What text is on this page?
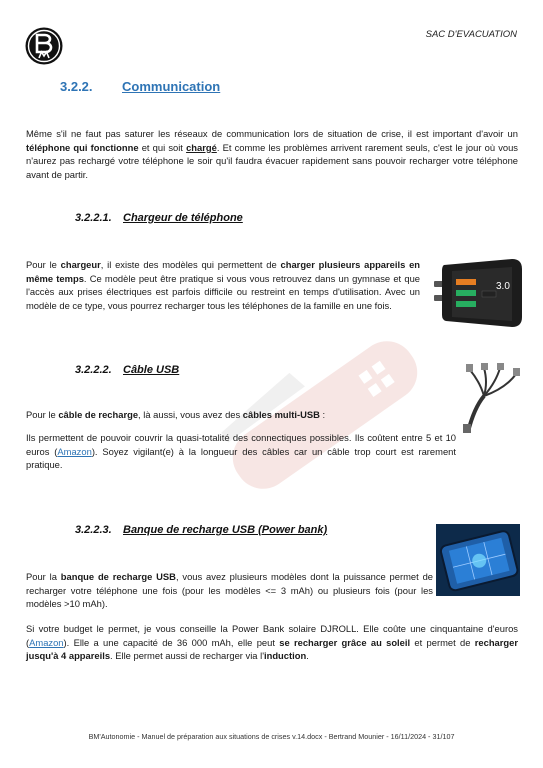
SAC D'EVACUATION
3.2.2. Communication

Même s'il ne faut pas saturer les réseaux de communication lors de situation de crise, il est important d'avoir un téléphone qui fonctionne et qui soit chargé. Et comme les problèmes arrivent rarement seuls, c'est le jour où vous n'aurez pas rechargé votre téléphone le soir qu'il faudra évacuer rapidement sans pouvoir recharger votre téléphone avant de partir.

3.2.2.1. Chargeur de téléphone

Pour le chargeur, il existe des modèles qui permettent de charger plusieurs appareils en même temps. Ce modèle peut être pratique si vous vous retrouvez dans un gymnase et que l'accès aux prises électriques est parfois difficile ou restreint en temps d'utilisation. Avec un modèle de ce type, vous pourrez recharger tous les téléphones de la famille en une fois.

3.0
3.2.2.2. Câble USB

Pour le câble de recharge, là aussi, vous avez des câbles multi-USB :

Ils permettent de pouvoir couvrir la quasi-totalité des connectiques possibles. Ils coûtent entre 5 et 10 euros (Amazon). Soyez vigilant(e) à la longueur des câbles car un câble trop court est rarement pratique.

3.2.2.3. Banque de recharge USB (Power bank)

Pour la banque de recharge USB, vous avez plusieurs modèles dont la puissance permet de recharger votre téléphone une fois (pour les modèles <= 3 mAh) ou plusieurs fois (pour les modèles >10 mAh).

Si votre budget le permet, je vous conseille la Power Bank solaire DJROLL. Elle coûte une cinquantaine d'euros (Amazon). Elle a une capacité de 36 000 mAh, elle peut se recharger grâce au soleil et permet de recharger jusqu'à 4 appareils. Elle permet aussi de recharger via l'induction.

BM'Autonomie - Manuel de préparation aux situations de crises v.14.docx - Bertrand Mounier - 16/11/2024 - 31/107
